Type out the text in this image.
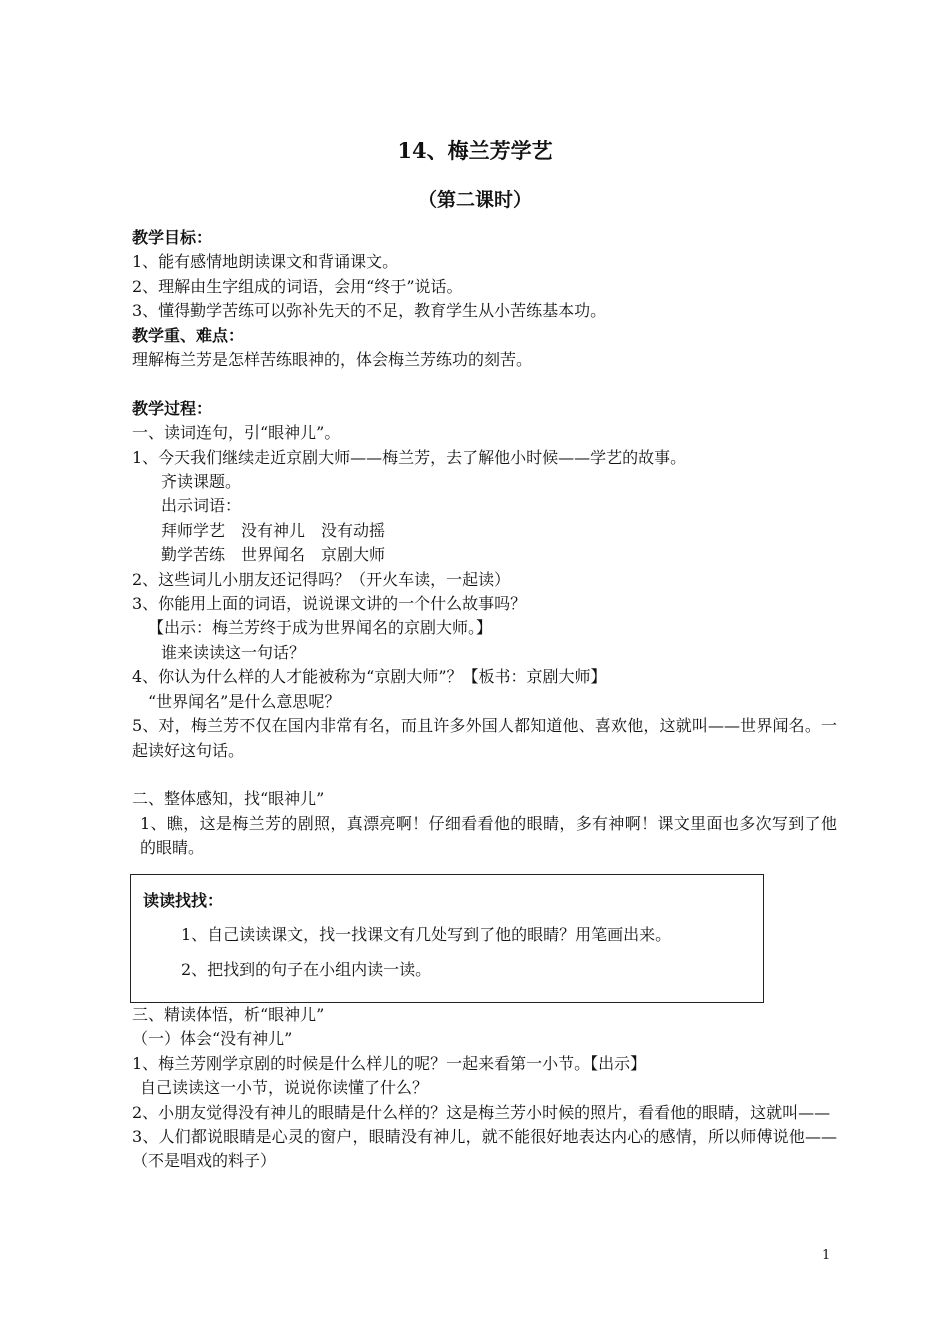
14、梅兰芳学艺
（第二课时）

教学目标：

1、能有感情地朗读课文和背诵课文。

2、理解由生字组成的词语，会用“终于”说话。

3、懂得勤学苦练可以弥补先天的不足，教育学生从小苦练基本功。

教学重、难点：

理解梅兰芳是怎样苦练眼神的，体会梅兰芳练功的刻苦。

教学过程：

一、读词连句，引“眼神儿”。

1、今天我们继续走近京剧大师——梅兰芳，去了解他小时候——学艺的故事。

齐读课题。

出示词语：

拜师学艺　没有神儿　没有动摇

勤学苦练　世界闻名　京剧大师

2、这些词儿小朋友还记得吗？（开火车读，一起读）

3、你能用上面的词语，说说课文讲的一个什么故事吗？

【出示：梅兰芳终于成为世界闻名的京剧大师。】

谁来读读这一句话？

4、你认为什么样的人才能被称为“京剧大师”？【板书：京剧大师】

“世界闻名”是什么意思呢？

5、对，梅兰芳不仅在国内非常有名，而且许多外国人都知道他、喜欢他，这就叫——世界闻名。一起读好这句话。

二、整体感知，找“眼神儿”

1、瞧，这是梅兰芳的剧照，真漂亮啊！仔细看看他的眼睛，多有神啊！课文里面也多次写到了他的眼睛。

读读找找：
1、自己读读课文，找一找课文有几处写到了他的眼睛？用笔画出来。
2、把找到的句子在小组内读一读。

三、精读体悟，析“眼神儿”

（一）体会“没有神儿”

1、梅兰芳刚学京剧的时候是什么样儿的呢？一起来看第一小节。【出示】

自己读读这一小节，说说你读懂了什么？

2、小朋友觉得没有神儿的眼睛是什么样的？这是梅兰芳小时候的照片，看看他的眼睛，这就叫——

3、人们都说眼睛是心灵的窗户，眼睛没有神儿，就不能很好地表达内心的感情，所以师傅说他——（不是唱戏的料子）

1
